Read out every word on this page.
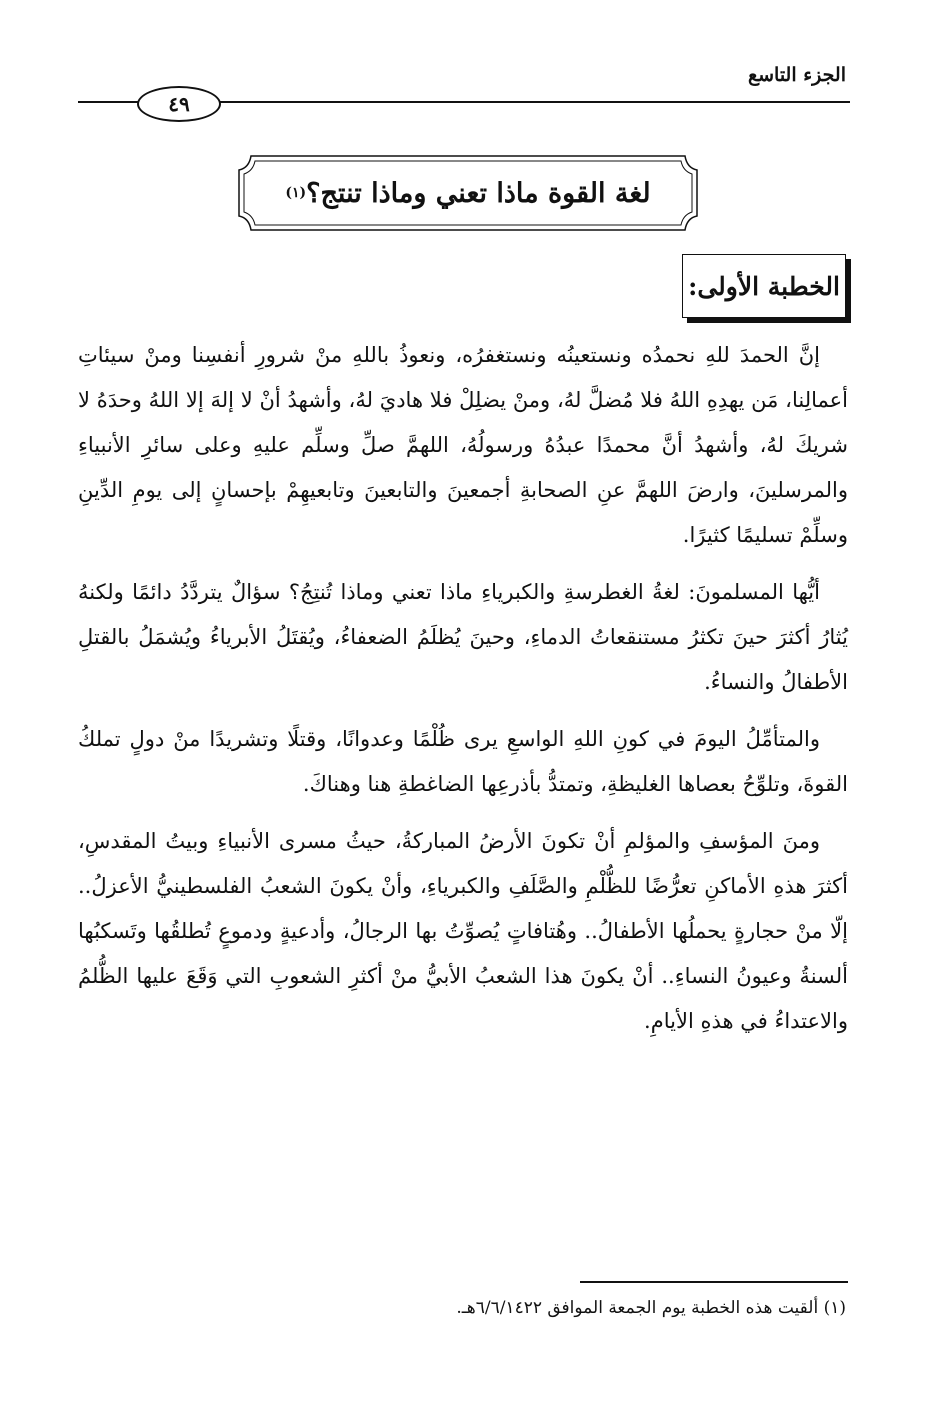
الجزء التاسع
٤٩
لغة القوة ماذا تعني وماذا تنتج؟
(١)
الخطبة الأولى:

إنَّ الحمدَ للهِ نحمدُه ونستعينُه ونستغفرُه، ونعوذُ باللهِ منْ شرورِ أنفسِنا ومنْ سيئاتِ أعمالِنا، مَن يهدِهِ اللهُ فلا مُضلَّ لهُ، ومنْ يضلِلْ فلا هاديَ لهُ، وأشهدُ أنْ لا إلهَ إلا اللهُ وحدَهُ لا شريكَ لهُ، وأشهدُ أنَّ محمدًا عبدُهُ ورسولُهُ، اللهمَّ صلِّ وسلِّم عليهِ وعلى سائرِ الأنبياءِ والمرسلينَ، وارضَ اللهمَّ عنِ الصحابةِ أجمعينَ والتابعينَ وتابعيهِمْ بإحسانٍ إلى يومِ الدِّينِ وسلِّمْ تسليمًا كثيرًا.

أيُّها المسلمونَ: لغةُ الغطرسةِ والكبرياءِ ماذا تعني وماذا تُنتِجُ؟ سؤالٌ يتردَّدُ دائمًا ولكنهُ يُثارُ أكثرَ حينَ تكثرُ مستنقعاتُ الدماءِ، وحينَ يُظلَمُ الضعفاءُ، ويُقتَلُ الأبرياءُ ويُشمَلُ بالقتلِ الأطفالُ والنساءُ.

والمتأمِّلُ اليومَ في كونِ اللهِ الواسعِ يرى ظُلْمًا وعدوانًا، وقتلًا وتشريدًا منْ دولٍ تملكُ القوةَ، وتلوِّحُ بعصاها الغليظةِ، وتمتدُّ بأذرعِها الضاغطةِ هنا وهناكَ.

ومنَ المؤسفِ والمؤلمِ أنْ تكونَ الأرضُ المباركةُ، حيثُ مسرى الأنبياءِ وبيتُ المقدسِ، أكثرَ هذهِ الأماكنِ تعرُّضًا للظُّلْمِ والصَّلَفِ والكبرياءِ، وأنْ يكونَ الشعبُ الفلسطينيُّ الأعزلُ.. إلّا منْ حجارةٍ يحملُها الأطفالُ.. وهُتافاتٍ يُصوِّتُ بها الرجالُ، وأدعيةٍ ودموعٍ تُطلقُها وتَسكبُها ألسنةُ وعيونُ النساءِ.. أنْ يكونَ هذا الشعبُ الأبيُّ منْ أكثرِ الشعوبِ التي وَقَعَ عليها الظُّلمُ والاعتداءُ في هذهِ الأيامِ.

(١) ألقيت هذه الخطبة يوم الجمعة الموافق ٦/٦/١٤٢٢هـ.
